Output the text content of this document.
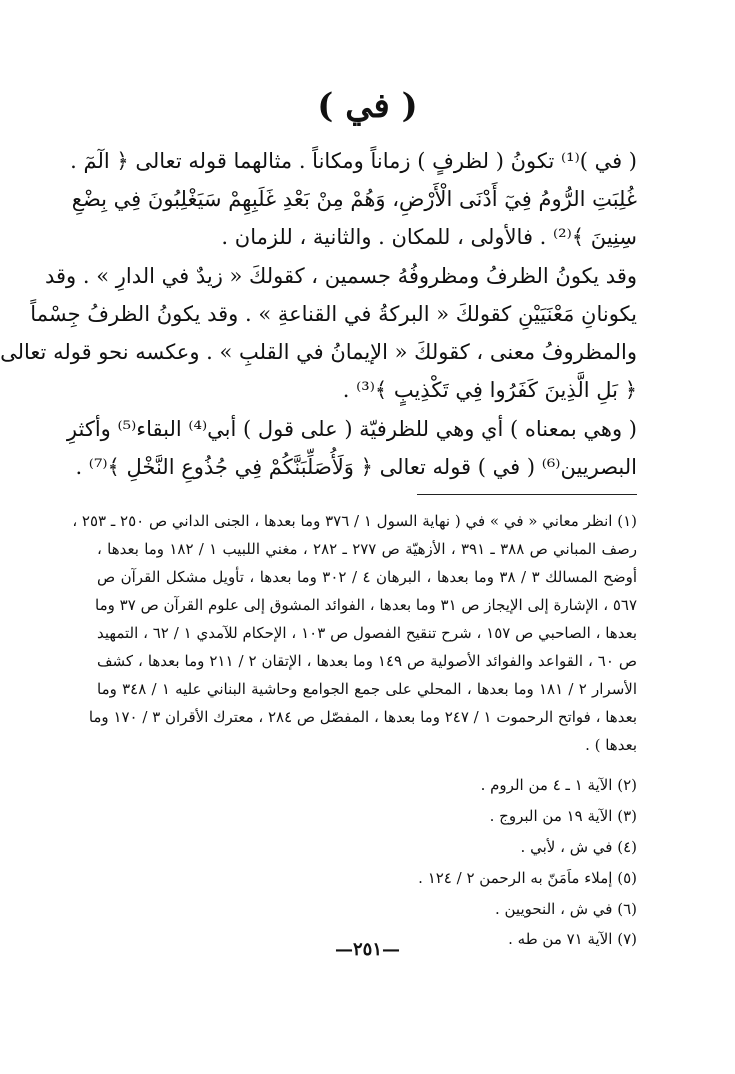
( في )
( في )⁽¹⁾ تكونُ ( لظرفٍ ) زماناً ومكاناً . مثالهما قوله تعالى ﴿ الٓمٓ .
غُلِبَتِ الرُّومُ فِيٓ أَدْنَى الْأَرْضِ، وَهُمْ مِنْ بَعْدِ غَلَبِهِمْ سَيَغْلِبُونَ فِي بِضْعِ
سِنِينَ ﴾⁽²⁾ . فالأولى ، للمكان . والثانية ، للزمان .
وقد يكونُ الظرفُ ومظروفُهُ جسمين ، كقولكَ « زيدٌ في الدارِ » . وقد
يكونانِ مَعْنَيَيْنِ كقولكَ « البركةُ في القناعةِ » . وقد يكونُ الظرفُ جِسْماً
والمظروفُ معنى ، كقولكَ « الإيمانُ في القلبِ » . وعكسه نحو قوله تعالى
﴿ بَلِ الَّذِينَ كَفَرُوا فِي تَكْذِيبٍ ﴾⁽³⁾ .
( وهي بمعناه ) أي وهي للظرفيّة ( على قول ) أبي⁽⁴⁾ البقاء⁽⁵⁾ وأكثرِ
البصريين⁽⁶⁾ ( في ) قوله تعالى ﴿ وَلَأُصَلِّبَنَّكُمْ فِي جُذُوعِ النَّخْلِ ﴾⁽⁷⁾ .
(١) انظر معاني « في » في ( نهاية السول ١ / ٣٧٦ وما بعدها ، الجنى الداني ص ٢٥٠ ـ ٢٥٣ ،
رصف المباني ص ٣٨٨ ـ ٣٩١ ، الأزهيّة ص ٢٧٧ ـ ٢٨٢ ، مغني اللبيب ١ / ١٨٢ وما بعدها ،
أوضح المسالك ٣ / ٣٨ وما بعدها ، البرهان ٤ / ٣٠٢ وما بعدها ، تأويل مشكل القرآن ص
٥٦٧ ، الإشارة إلى الإيجاز ص ٣١ وما بعدها ، الفوائد المشوق إلى علوم القرآن ص ٣٧ وما
بعدها ، الصاحبي ص ١٥٧ ، شرح تنقيح الفصول ص ١٠٣ ، الإحكام للآمدي ١ / ٦٢ ، التمهيد
ص ٦٠ ، القواعد والفوائد الأصولية ص ١٤٩ وما بعدها ، الإتقان ٢ / ٢١١ وما بعدها ، كشف
الأسرار ٢ / ١٨١ وما بعدها ، المحلي على جمع الجوامع وحاشية البناني عليه ١ / ٣٤٨ وما
بعدها ، فواتح الرحموت ١ / ٢٤٧ وما بعدها ، المفصّل ص ٢٨٤ ، معترك الأقران ٣ / ١٧٠ وما
بعدها ) .
(٢) الآية ١ ـ ٤ من الروم .
(٣) الآية ١٩ من البروج .
(٤) في ش ، لأبي .
(٥) إملاء ماَمَنّ به الرحمن ٢ / ١٢٤ .
(٦) في ش ، النحويين .
(٧) الآية ٧١ من طه .
—٢٥١—
